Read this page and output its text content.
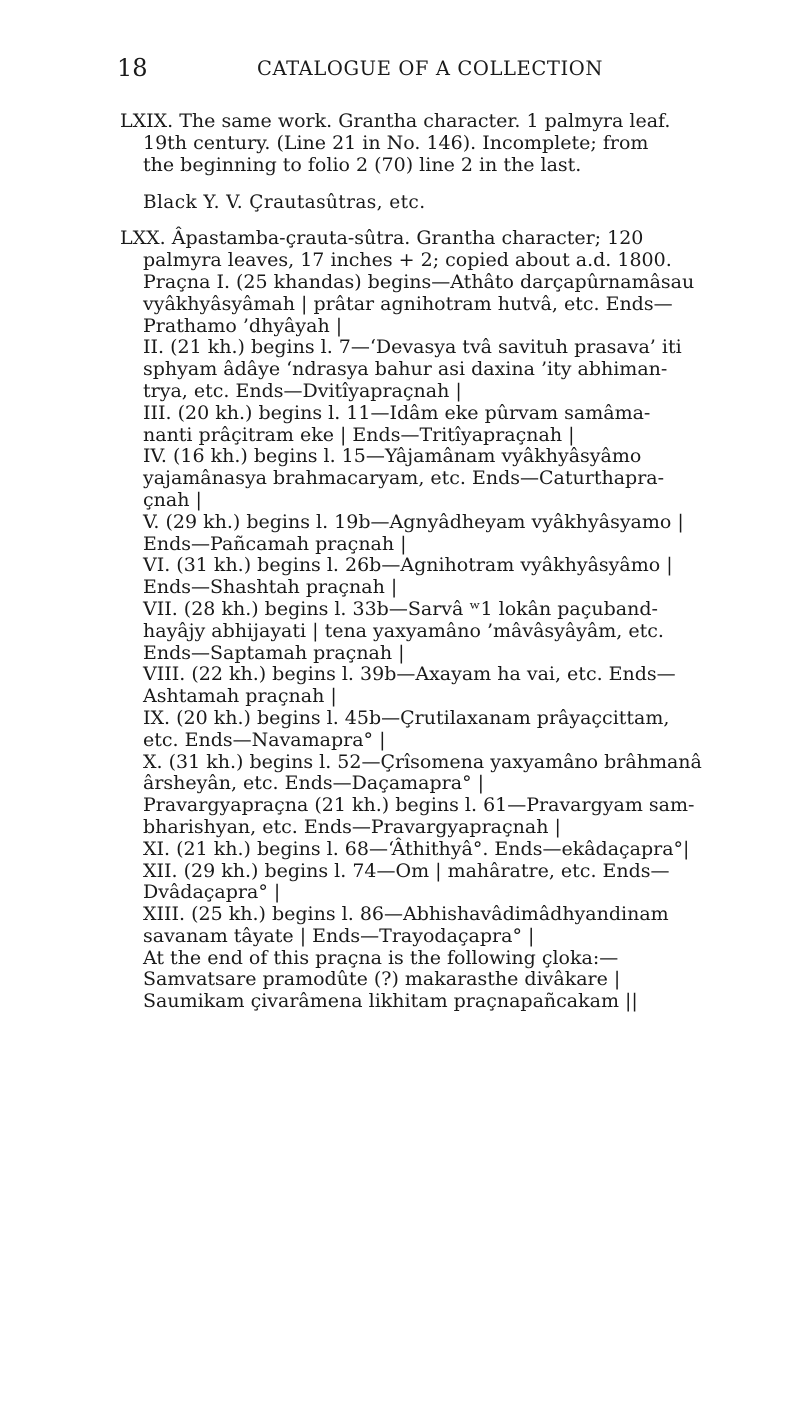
18	CATALOGUE OF A COLLECTION
LXIX. The same work. Grantha character. 1 palmyra leaf.
19th century. (Line 21 in No. 146). Incomplete; from
the beginning to folio 2 (70) line 2 in the last.
Black Y. V. Çrautasûtras, etc.
LXX. Âpastamba-çrauta-sûtra. Grantha character; 120
palmyra leaves, 17 inches + 2; copied about a.d. 1800.
Praçna I. (25 khandas) begins—Athâto darçapûrnamâsau
vyâkhyâsyâmah | prâtar agnihotram hutvâ, etc. Ends—
Prathamo ’dhyâyah |
II. (21 kh.) begins l. 7—‘Devasya tvâ savituh prasava’ iti
sphyam âdâye ‘ndrasya bahur asi daxina ’ity abhiman-
trya, etc. Ends—Dvitîyapraçnah |
III. (20 kh.) begins l. 11—Idâm eke pûrvam samâma-
nanti prâçitram eke | Ends—Tritîyapraçnah |
IV. (16 kh.) begins l. 15—Yâjamânam vyâkhyâsyâmo
yajamânasya brahmacaryam, etc. Ends—Caturthapra-
çnah |
V. (29 kh.) begins l. 19b—Agnyâdheyam vyâkhyâsyamo |
Ends—Pañcamah praçnah |
VI. (31 kh.) begins l. 26b—Agnihotram vyâkhyâsyâmo |
Ends—Shashtah praçnah |
VII. (28 kh.) begins l. 33b—Sarvâ ʷ1 lokân paçuband-
hayâjy abhijayati | tena yaxyamâno ’mâvâsyâyâm, etc.
Ends—Saptamah praçnah |
VIII. (22 kh.) begins l. 39b—Axayam ha vai, etc. Ends—
Ashtamah praçnah |
IX. (20 kh.) begins l. 45b—Çrutilaxanam prâyaçcittam,
etc. Ends—Navamapra° |
X. (31 kh.) begins l. 52—Çrîsomena yaxyamâno brâhmanâ
ârsheyân, etc. Ends—Daçamapra° |
Pravargyapraçna (21 kh.) begins l. 61—Pravargyam sam-
bharishyan, etc. Ends—Pravargyapraçnah |
XI. (21 kh.) begins l. 68—‘Âthithyâ°. Ends—ekâdaçapra°|
XII. (29 kh.) begins l. 74—Om | mahâratre, etc. Ends—
Dvâdaçapra° |
XIII. (25 kh.) begins l. 86—Abhishavâdimâdhyandinam
savanam tâyate | Ends—Trayodaçapra° |
At the end of this praçna is the following çloka:—
Samvatsare pramodûte (?) makarasthe divâkare |
Saumikam çivarâmena likhitam praçnapañcakam ||
